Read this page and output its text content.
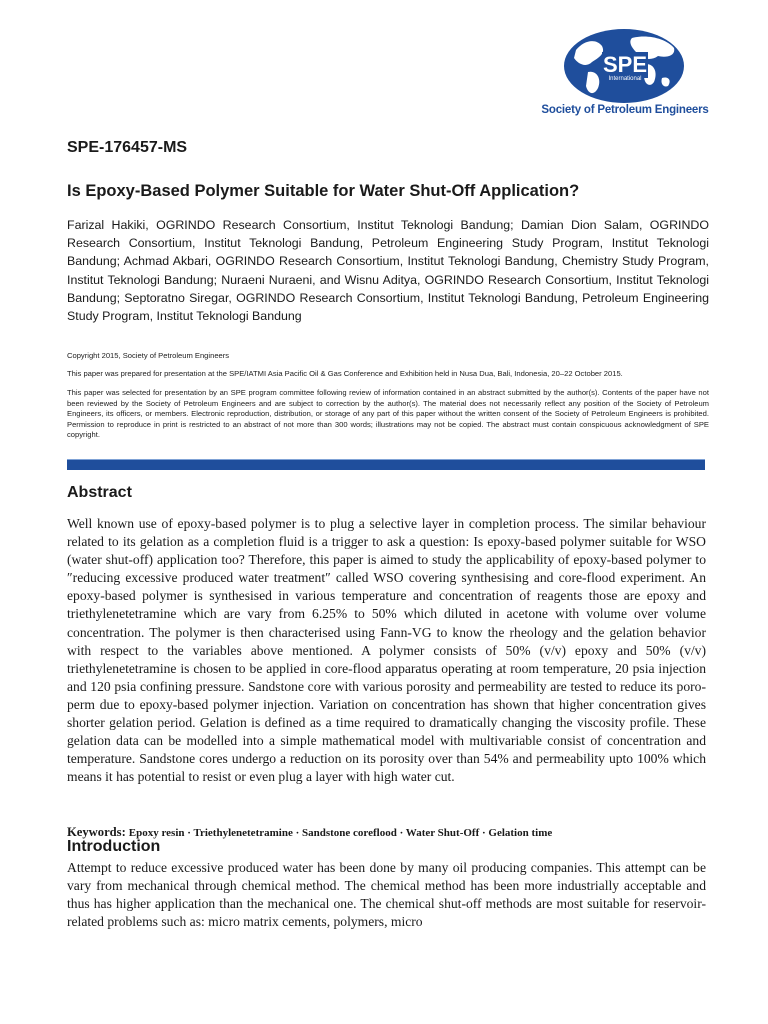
SPE
International
Society of Petroleum Engineers
SPE-176457-MS
Is Epoxy-Based Polymer Suitable for Water Shut-Off Application?
Farizal Hakiki, OGRINDO Research Consortium, Institut Teknologi Bandung; Damian Dion Salam, OGRINDO Research Consortium, Institut Teknologi Bandung, Petroleum Engineering Study Program, Institut Teknologi Bandung; Achmad Akbari, OGRINDO Research Consortium, Institut Teknologi Bandung, Chemistry Study Program, Institut Teknologi Bandung; Nuraeni Nuraeni, and Wisnu Aditya, OGRINDO Research Consortium, Institut Teknologi Bandung; Septoratno Siregar, OGRINDO Research Consortium, Institut Teknologi Bandung, Petroleum Engineering Study Program, Institut Teknologi Bandung
Copyright 2015, Society of Petroleum Engineers
This paper was prepared for presentation at the SPE/IATMI Asia Pacific Oil & Gas Conference and Exhibition held in Nusa Dua, Bali, Indonesia, 20–22 October 2015.
This paper was selected for presentation by an SPE program committee following review of information contained in an abstract submitted by the author(s). Contents of the paper have not been reviewed by the Society of Petroleum Engineers and are subject to correction by the author(s). The material does not necessarily reflect any position of the Society of Petroleum Engineers, its officers, or members. Electronic reproduction, distribution, or storage of any part of this paper without the written consent of the Society of Petroleum Engineers is prohibited. Permission to reproduce in print is restricted to an abstract of not more than 300 words; illustrations may not be copied. The abstract must contain conspicuous acknowledgment of SPE copyright.
Abstract
Well known use of epoxy-based polymer is to plug a selective layer in completion process. The similar behaviour related to its gelation as a completion fluid is a trigger to ask a question: Is epoxy-based polymer suitable for WSO (water shut-off) application too? Therefore, this paper is aimed to study the applicability of epoxy-based polymer to ″reducing excessive produced water treatment″ called WSO covering synthesising and core-flood experiment. An epoxy-based polymer is synthesised in various temperature and concentration of reagents those are epoxy and triethylenetetramine which are vary from 6.25% to 50% which diluted in acetone with volume over volume concentration. The polymer is then characterised using Fann-VG to know the rheology and the gelation behavior with respect to the variables above mentioned. A polymer consists of 50% (v/v) epoxy and 50% (v/v) triethylenetetramine is chosen to be applied in core-flood apparatus operating at room temperature, 20 psia injection and 120 psia confining pressure. Sandstone core with various porosity and permeability are tested to reduce its poro-perm due to epoxy-based polymer injection. Variation on concentration has shown that higher concentration gives shorter gelation period. Gelation is defined as a time required to dramatically changing the viscosity profile. These gelation data can be modelled into a simple mathematical model with multivariable consist of concentration and temperature. Sandstone cores undergo a reduction on its porosity over than 54% and permeability upto 100% which means it has potential to resist or even plug a layer with high water cut.
Keywords: Epoxy resin · Triethylenetetramine · Sandstone coreflood · Water Shut-Off · Gelation time
Introduction
Attempt to reduce excessive produced water has been done by many oil producing companies. This attempt can be vary from mechanical through chemical method. The chemical method has been more industrially acceptable and thus has higher application than the mechanical one. The chemical shut-off methods are most suitable for reservoir-related problems such as: micro matrix cements, polymers, micro
